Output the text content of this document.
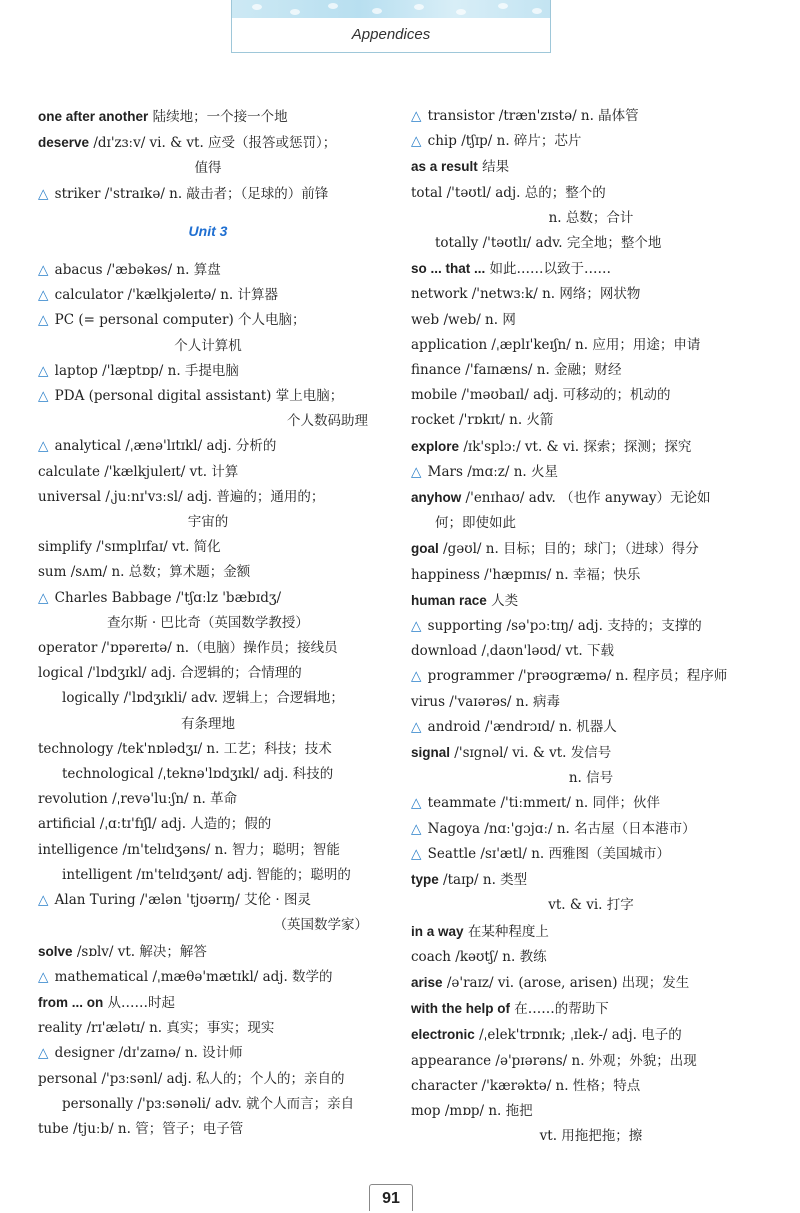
Appendices
one after another 陆续地；一个接一个地
deserve /dɪ'zɜːv/ vi. & vt. 应受（报答或惩罚）；
值得
△ striker /'straɪkə/ n. 敲击者；（足球的）前锋
Unit 3
△ abacus /'æbəkəs/ n. 算盘
△ calculator /'kælkjəleɪtə/ n. 计算器
△ PC (= personal computer) 个人电脑；
个人计算机
△ laptop /'læptɒp/ n. 手提电脑
△ PDA (personal digital assistant) 掌上电脑；
个人数码助理
△ analytical /ˌænə'lɪtɪkl/ adj. 分析的
calculate /'kælkjuleɪt/ vt. 计算
universal /ˌjuːnɪ'vɜːsl/ adj. 普遍的；通用的；
宇宙的
simplify /'sɪmplɪfaɪ/ vt. 简化
sum /sʌm/ n. 总数；算术题；金额
△ Charles Babbage /'tʃɑːlz 'bæbɪdʒ/
查尔斯 · 巴比奇（英国数学教授）
operator /'ɒpəreɪtə/ n.（电脑）操作员；接线员
logical /'lɒdʒɪkl/ adj. 合逻辑的；合情理的
logically /'lɒdʒɪkli/ adv. 逻辑上；合逻辑地；
有条理地
technology /tek'nɒlədʒɪ/ n. 工艺；科技；技术
technological /ˌteknə'lɒdʒɪkl/ adj. 科技的
revolution /ˌrevə'luːʃn/ n. 革命
artificial /ˌɑːtɪ'fɪʃl/ adj. 人造的；假的
intelligence /ɪn'telɪdʒəns/ n. 智力；聪明；智能
intelligent /ɪn'telɪdʒənt/ adj. 智能的；聪明的
△ Alan Turing /'ælən 'tjʊərɪŋ/ 艾伦 · 图灵
（英国数学家）
solve /sɒlv/ vt. 解决；解答
△ mathematical /ˌmæθə'mætɪkl/ adj. 数学的
from ... on 从……时起
reality /rɪ'ælətɪ/ n. 真实；事实；现实
△ designer /dɪ'zaɪnə/ n. 设计师
personal /'pɜːsənl/ adj. 私人的；个人的；亲自的
personally /'pɜːsənəli/ adv. 就个人而言；亲自
tube /tjuːb/ n. 管；管子；电子管
△ transistor /træn'zɪstə/ n. 晶体管
△ chip /tʃɪp/ n. 碎片；芯片
as a result 结果
total /'təʊtl/ adj. 总的；整个的
n. 总数；合计
totally /'təʊtlɪ/ adv. 完全地；整个地
so ... that ... 如此……以致于……
network /'netwɜːk/ n. 网络；网状物
web /web/ n. 网
application /ˌæplɪ'keɪʃn/ n. 应用；用途；申请
finance /'faɪnæns/ n. 金融；财经
mobile /'məʊbaɪl/ adj. 可移动的；机动的
rocket /'rɒkɪt/ n. 火箭
explore /ɪk'splɔː/ vt. & vi. 探索；探测；探究
△ Mars /mɑːz/ n. 火星
anyhow /'enɪhaʊ/ adv. （也作 anyway）无论如
何；即使如此
goal /gəʊl/ n. 目标；目的；球门；（进球）得分
happiness /'hæpɪnɪs/ n. 幸福；快乐
human race 人类
△ supporting /sə'pɔːtɪŋ/ adj. 支持的；支撑的
download /ˌdaʊn'ləʊd/ vt. 下载
△ programmer /'prəʊgræmə/ n. 程序员；程序师
virus /'vaɪərəs/ n. 病毒
△ android /'ændrɔɪd/ n. 机器人
signal /'sɪgnəl/ vi. & vt. 发信号
n. 信号
△ teammate /'tiːmmeɪt/ n. 同伴；伙伴
△ Nagoya /nɑː'gɔjɑː/ n. 名古屋（日本港市）
△ Seattle /sɪ'ætl/ n. 西雅图（美国城市）
type /taɪp/ n. 类型
vt. & vi. 打字
in a way 在某种程度上
coach /kəʊtʃ/ n. 教练
arise /ə'raɪz/ vi. (arose, arisen) 出现；发生
with the help of 在……的帮助下
electronic /ˌelek'trɒnɪk; ˌɪlek-/ adj. 电子的
appearance /ə'pɪərəns/ n. 外观；外貌；出现
character /'kærəktə/ n. 性格；特点
mop /mɒp/ n. 拖把
vt. 用拖把拖；擦
91
